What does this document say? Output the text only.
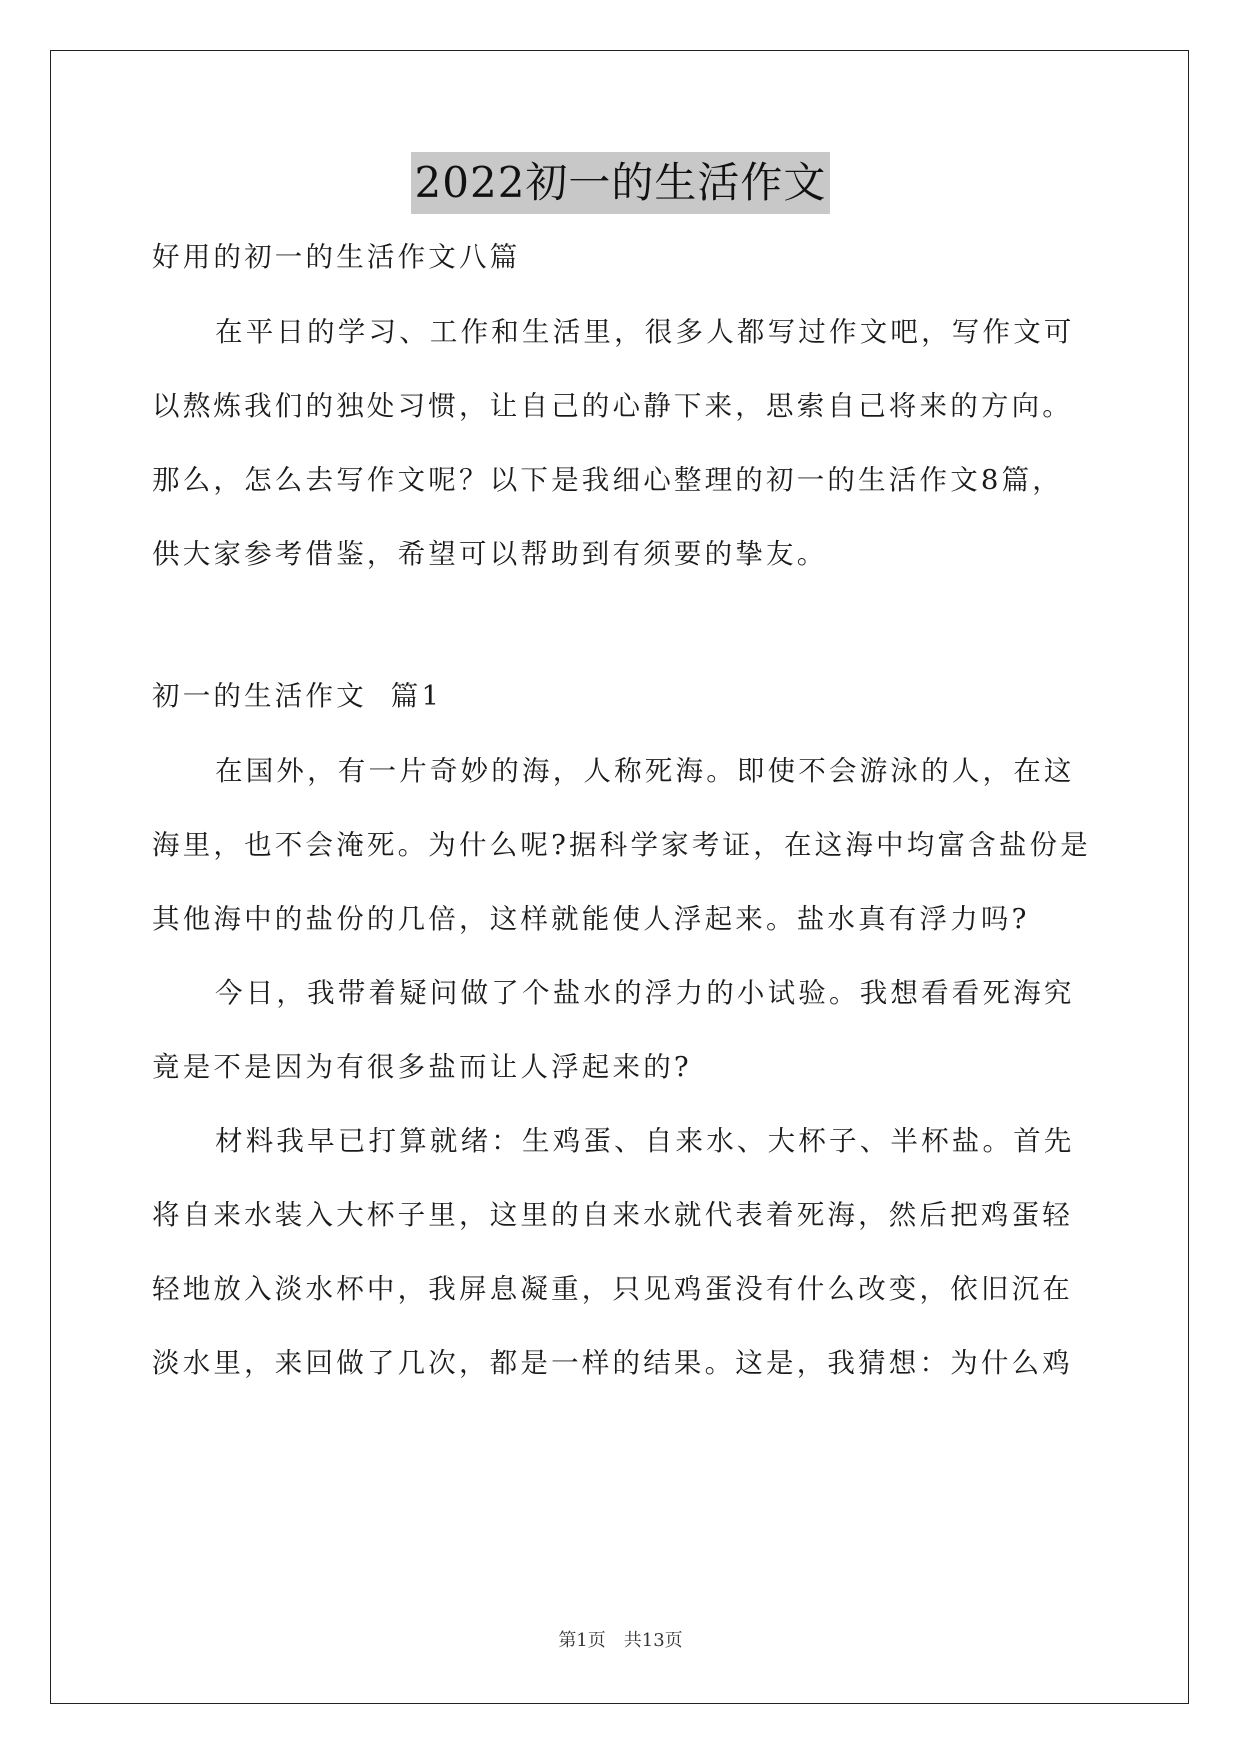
2022初一的生活作文
好用的初一的生活作文八篇
在平日的学习、工作和生活里，很多人都写过作文吧，写作文可
以熬炼我们的独处习惯，让自己的心静下来，思索自己将来的方向。
那么，怎么去写作文呢？以下是我细心整理的初一的生活作文8篇，
供大家参考借鉴，希望可以帮助到有须要的挚友。
初一的生活作文  篇1
在国外，有一片奇妙的海，人称死海。即使不会游泳的人，在这
海里，也不会淹死。为什么呢?据科学家考证，在这海中均富含盐份是
其他海中的盐份的几倍，这样就能使人浮起来。盐水真有浮力吗?
今日，我带着疑问做了个盐水的浮力的小试验。我想看看死海究
竟是不是因为有很多盐而让人浮起来的?
材料我早已打算就绪：生鸡蛋、自来水、大杯子、半杯盐。首先
将自来水装入大杯子里，这里的自来水就代表着死海，然后把鸡蛋轻
轻地放入淡水杯中，我屏息凝重，只见鸡蛋没有什么改变，依旧沉在
淡水里，来回做了几次，都是一样的结果。这是，我猜想：为什么鸡
第1页 共13页
